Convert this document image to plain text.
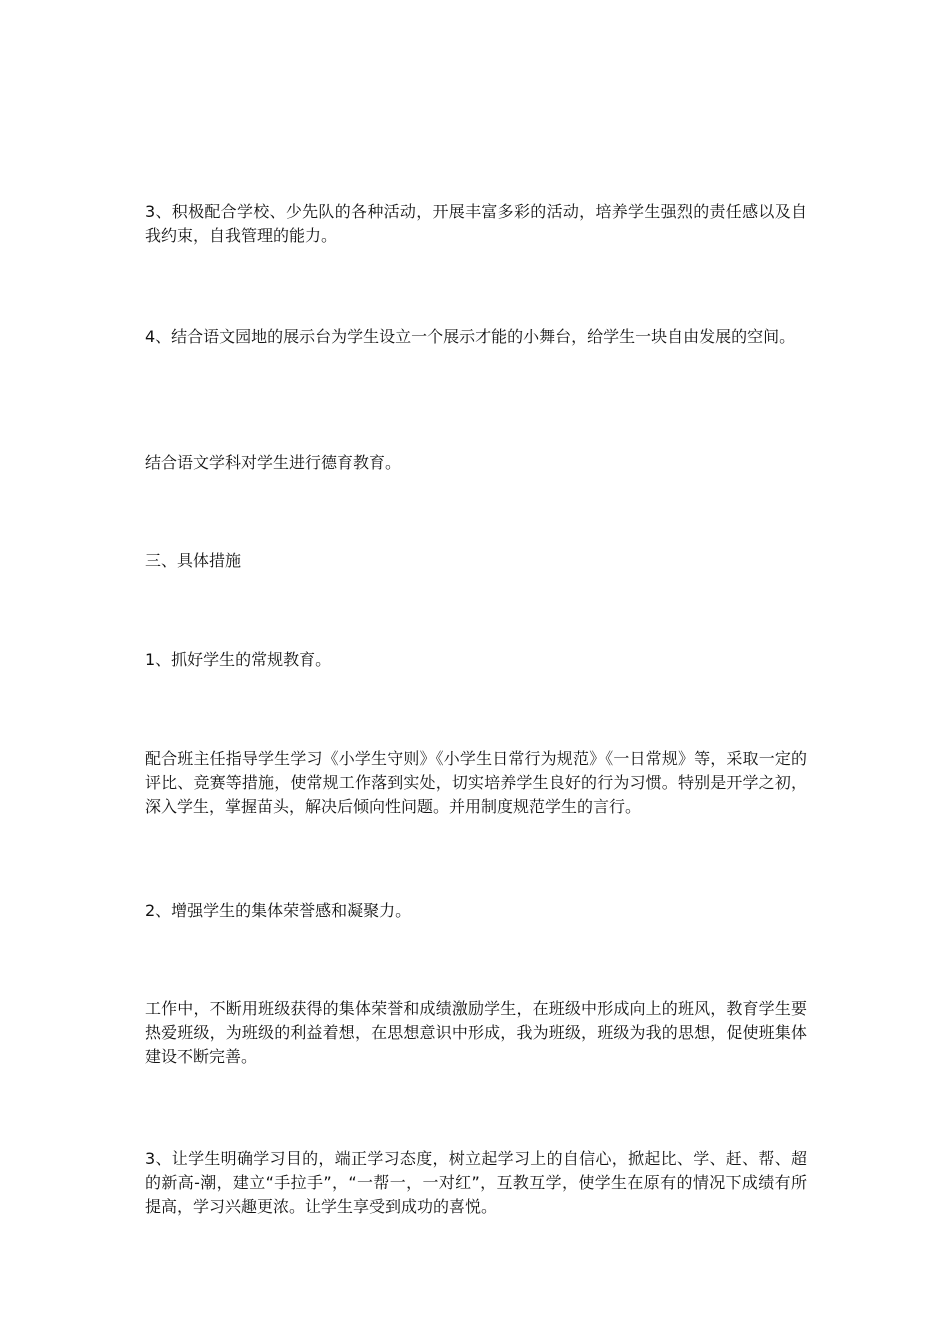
3、积极配合学校、少先队的各种活动，开展丰富多彩的活动，培养学生强烈的责任感以及自我约束，自我管理的能力。

4、结合语文园地的展示台为学生设立一个展示才能的小舞台，给学生一块自由发展的空间。

结合语文学科对学生进行德育教育。

三、具体措施

1、抓好学生的常规教育。

配合班主任指导学生学习《小学生守则》《小学生日常行为规范》《一日常规》等，采取一定的评比、竞赛等措施，使常规工作落到实处，切实培养学生良好的行为习惯。特别是开学之初，深入学生，掌握苗头，解决后倾向性问题。并用制度规范学生的言行。

2、增强学生的集体荣誉感和凝聚力。

工作中，不断用班级获得的集体荣誉和成绩激励学生，在班级中形成向上的班风，教育学生要热爱班级，为班级的利益着想，在思想意识中形成，我为班级，班级为我的思想，促使班集体建设不断完善。

3、让学生明确学习目的，端正学习态度，树立起学习上的自信心，掀起比、学、赶、帮、超的新高-潮，建立“手拉手”，“一帮一，一对红”，互教互学，使学生在原有的情况下成绩有所提高，学习兴趣更浓。让学生享受到成功的喜悦。
